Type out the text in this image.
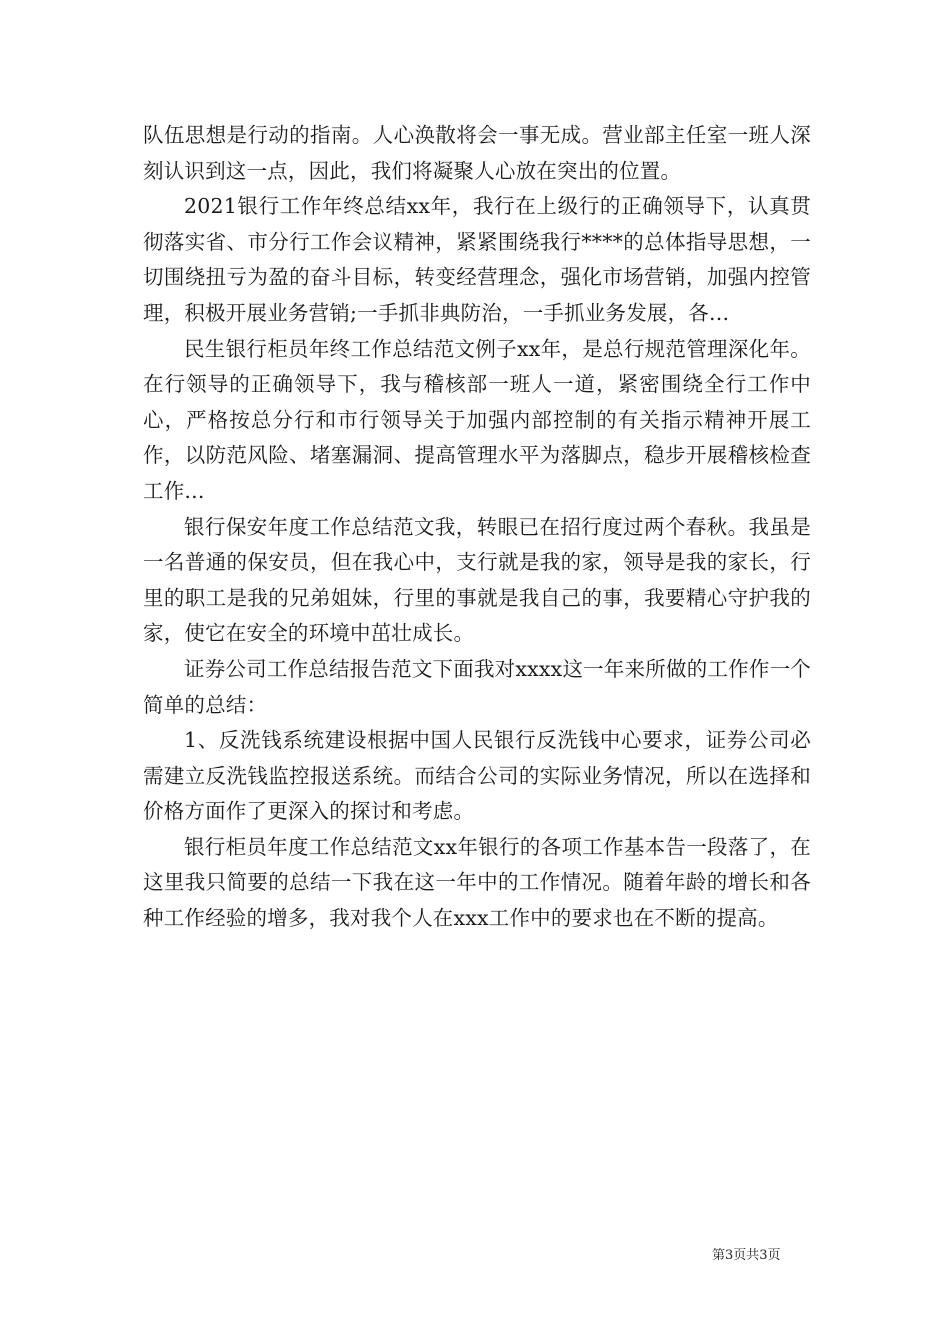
队伍思想是行动的指南。人心涣散将会一事无成。营业部主任室一班人深刻认识到这一点，因此，我们将凝聚人心放在突出的位置。

2021银行工作年终总结xx年，我行在上级行的正确领导下，认真贯彻落实省、市分行工作会议精神，紧紧围绕我行****的总体指导思想，一切围绕扭亏为盈的奋斗目标，转变经营理念，强化市场营销，加强内控管理，积极开展业务营销;一手抓非典防治，一手抓业务发展，各...

民生银行柜员年终工作总结范文例子xx年，是总行规范管理深化年。在行领导的正确领导下，我与稽核部一班人一道，紧密围绕全行工作中心，严格按总分行和市行领导关于加强内部控制的有关指示精神开展工作，以防范风险、堵塞漏洞、提高管理水平为落脚点，稳步开展稽核检查工作...

银行保安年度工作总结范文我，转眼已在招行度过两个春秋。我虽是一名普通的保安员，但在我心中，支行就是我的家，领导是我的家长，行里的职工是我的兄弟姐妹，行里的事就是我自己的事，我要精心守护我的家，使它在安全的环境中茁壮成长。

证券公司工作总结报告范文下面我对xxxx这一年来所做的工作作一个简单的总结：

1、反洗钱系统建设根据中国人民银行反洗钱中心要求，证券公司必需建立反洗钱监控报送系统。而结合公司的实际业务情况，所以在选择和价格方面作了更深入的探讨和考虑。

银行柜员年度工作总结范文xx年银行的各项工作基本告一段落了，在这里我只简要的总结一下我在这一年中的工作情况。随着年龄的增长和各种工作经验的增多，我对我个人在xxx工作中的要求也在不断的提高。

第3页共3页
